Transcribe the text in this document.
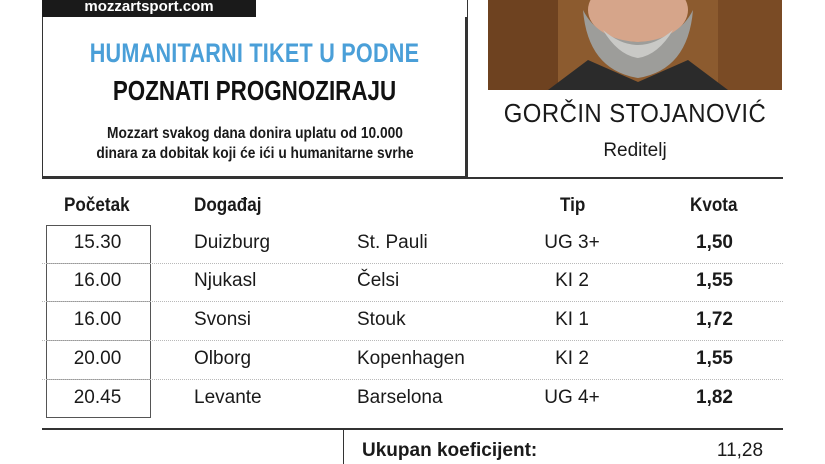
mozzartsport.com
HUMANITARNI TIKET U PODNE
POZNATI PROGNOZIRAJU
Mozzart svakog dana donira uplatu od 10.000
dinara za dobitak koji će ići u humanitarne svrhe
GORČIN STOJANOVIĆ
Reditelj
Početak	Događaj	Tip	Kvota
15.30	Duizburg	St. Pauli	UG 3+	1,50
16.00	Njukasl	Čelsi	KI 2	1,55
16.00	Svonsi	Stouk	KI 1	1,72
20.00	Olborg	Kopenhagen	KI 2	1,55
20.45	Levante	Barselona	UG 4+	1,82
Ukupan koeficijent:	11,28
